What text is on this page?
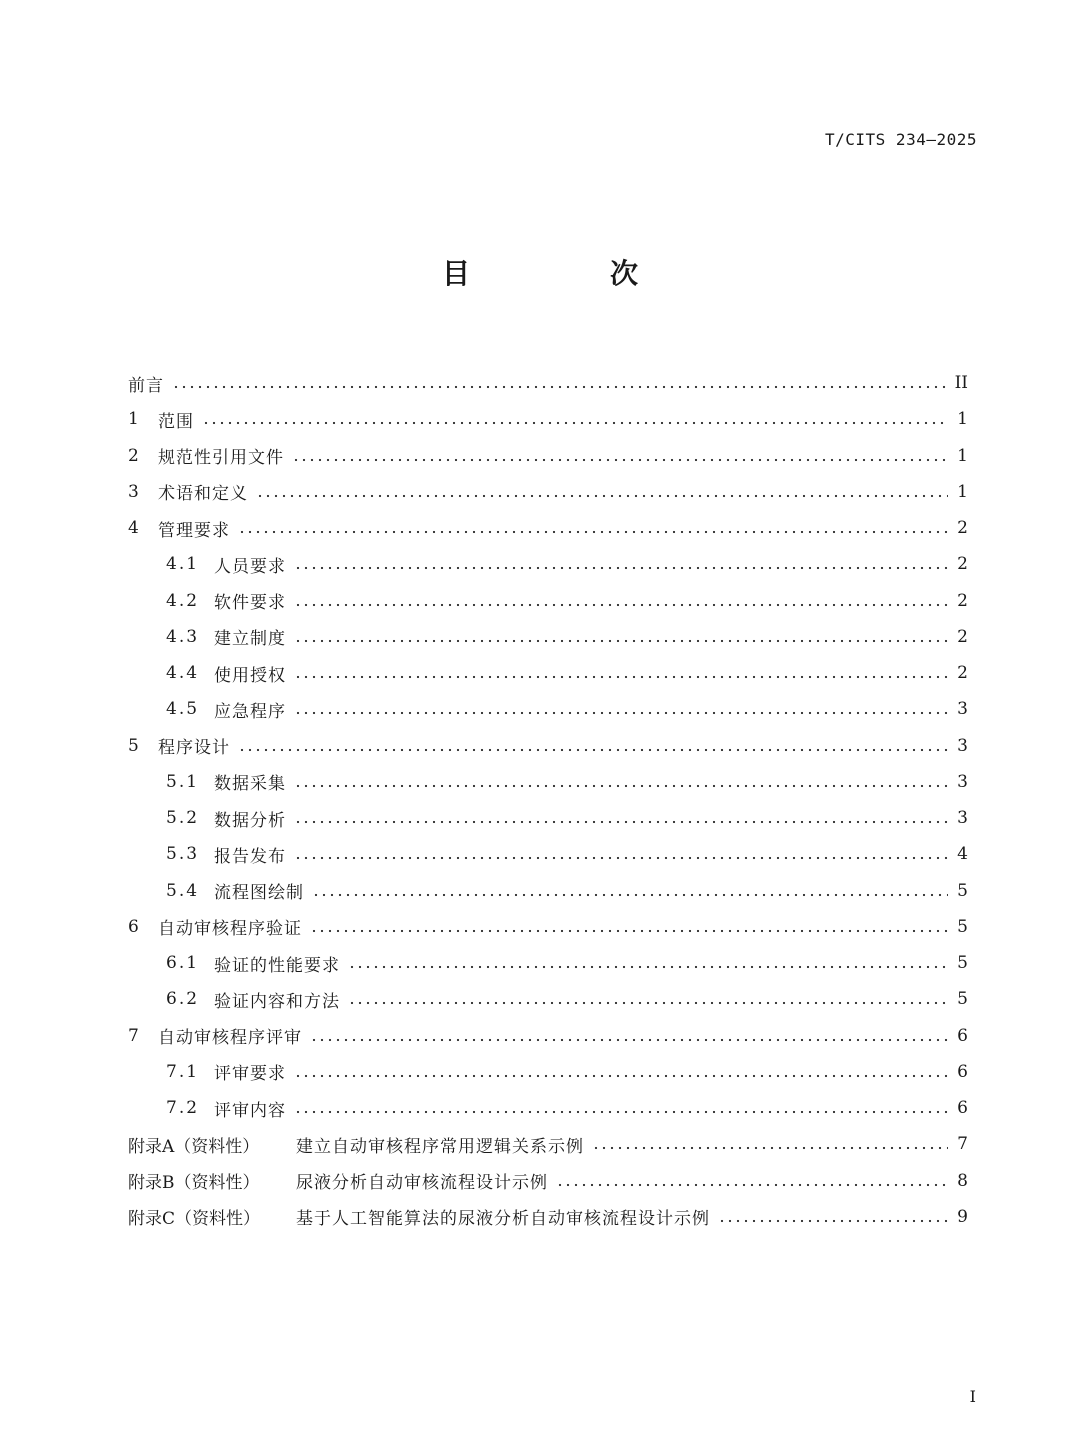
T/CITS 234—2025
目　次
前言	II
1	范围	1
2	规范性引用文件	1
3	术语和定义	1
4	管理要求	2
4.1 人员要求	2
4.2 软件要求	2
4.3 建立制度	2
4.4 使用授权	2
4.5 应急程序	3
5	程序设计	3
5.1 数据采集	3
5.2 数据分析	3
5.3 报告发布	4
5.4 流程图绘制	5
6	自动审核程序验证	5
6.1 验证的性能要求	5
6.2 验证内容和方法	5
7	自动审核程序评审	6
7.1 评审要求	6
7.2 评审内容	6
附录A（资料性）	建立自动审核程序常用逻辑关系示例	7
附录B（资料性）	尿液分析自动审核流程设计示例	8
附录C（资料性）	基于人工智能算法的尿液分析自动审核流程设计示例	9
I
